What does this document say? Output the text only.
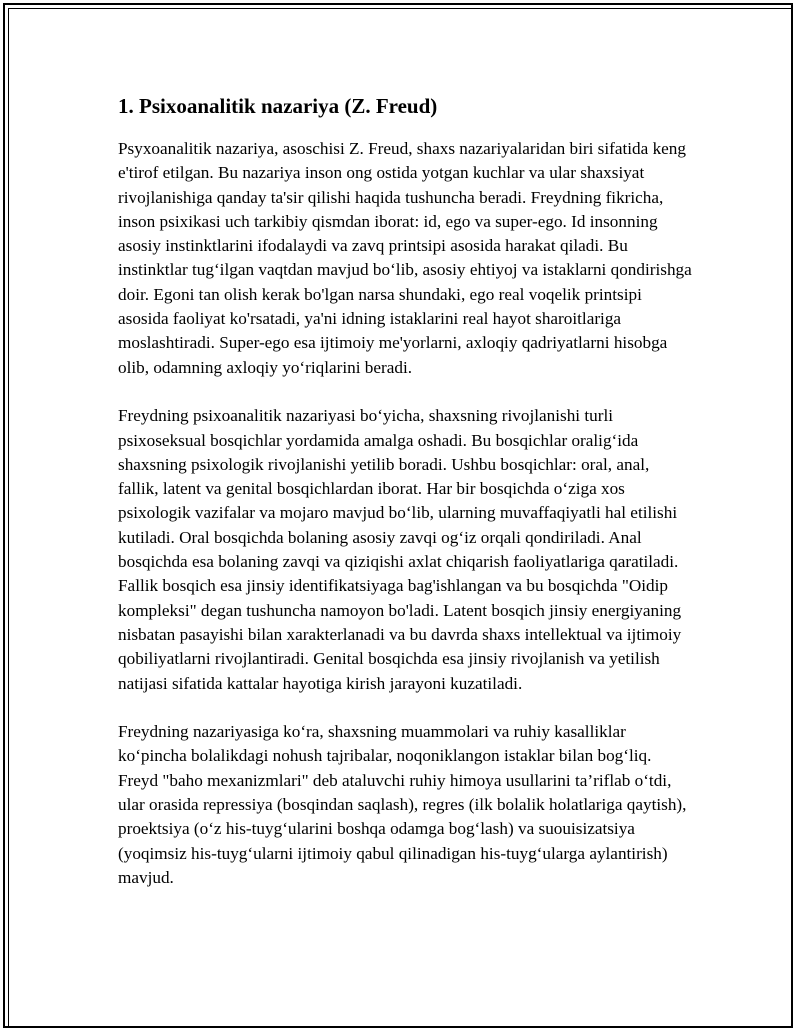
1. Psixoanalitik nazariya (Z. Freud)

Psyxoanalitik nazariya, asoschisi Z. Freud, shaxs nazariyalaridan biri sifatida keng e'tirof etilgan. Bu nazariya inson ong ostida yotgan kuchlar va ular shaxsiyat rivojlanishiga qanday ta'sir qilishi haqida tushuncha beradi. Freydning fikricha, inson psixikasi uch tarkibiy qismdan iborat: id, ego va super-ego. Id insonning asosiy instinktlarini ifodalaydi va zavq printsipi asosida harakat qiladi. Bu instinktlar tug‘ilgan vaqtdan mavjud bo‘lib, asosiy ehtiyoj va istaklarni qondirishga doir. Egoni tan olish kerak bo'lgan narsa shundaki, ego real voqelik printsipi asosida faoliyat ko'rsatadi, ya'ni idning istaklarini real hayot sharoitlariga moslashtiradi. Super-ego esa ijtimoiy me'yorlarni, axloqiy qadriyatlarni hisobga olib, odamning axloqiy yo‘riqlarini beradi.

Freydning psixoanalitik nazariyasi bo‘yicha, shaxsning rivojlanishi turli psixoseksual bosqichlar yordamida amalga oshadi. Bu bosqichlar oralig‘ida shaxsning psixologik rivojlanishi yetilib boradi. Ushbu bosqichlar: oral, anal, fallik, latent va genital bosqichlardan iborat. Har bir bosqichda o‘ziga xos psixologik vazifalar va mojaro mavjud bo‘lib, ularning muvaffaqiyatli hal etilishi kutiladi. Oral bosqichda bolaning asosiy zavqi og‘iz orqali qondiriladi. Anal bosqichda esa bolaning zavqi va qiziqishi axlat chiqarish faoliyatlariga qaratiladi. Fallik bosqich esa jinsiy identifikatsiyaga bag'ishlangan va bu bosqichda "Oidip kompleksi" degan tushuncha namoyon bo'ladi. Latent bosqich jinsiy energiyaning nisbatan pasayishi bilan xarakterlanadi va bu davrda shaxs intellektual va ijtimoiy qobiliyatlarni rivojlantiradi. Genital bosqichda esa jinsiy rivojlanish va yetilish natijasi sifatida kattalar hayotiga kirish jarayoni kuzatiladi.

Freydning nazariyasiga ko‘ra, shaxsning muammolari va ruhiy kasalliklar ko‘pincha bolalikdagi nohush tajribalar, noqoniklangon istaklar bilan bog‘liq. Freyd "baho mexanizmlari" deb ataluvchi ruhiy himoya usullarini ta’riflab o‘tdi, ular orasida repressiya (bosqindan saqlash), regres (ilk bolalik holatlariga qaytish), proektsiya (o‘z his-tuyg‘ularini boshqa odamga bog‘lash) va suouisizatsiya (yoqimsiz his-tuyg‘ularni ijtimoiy qabul qilinadigan his-tuyg‘ularga aylantirish) mavjud.
